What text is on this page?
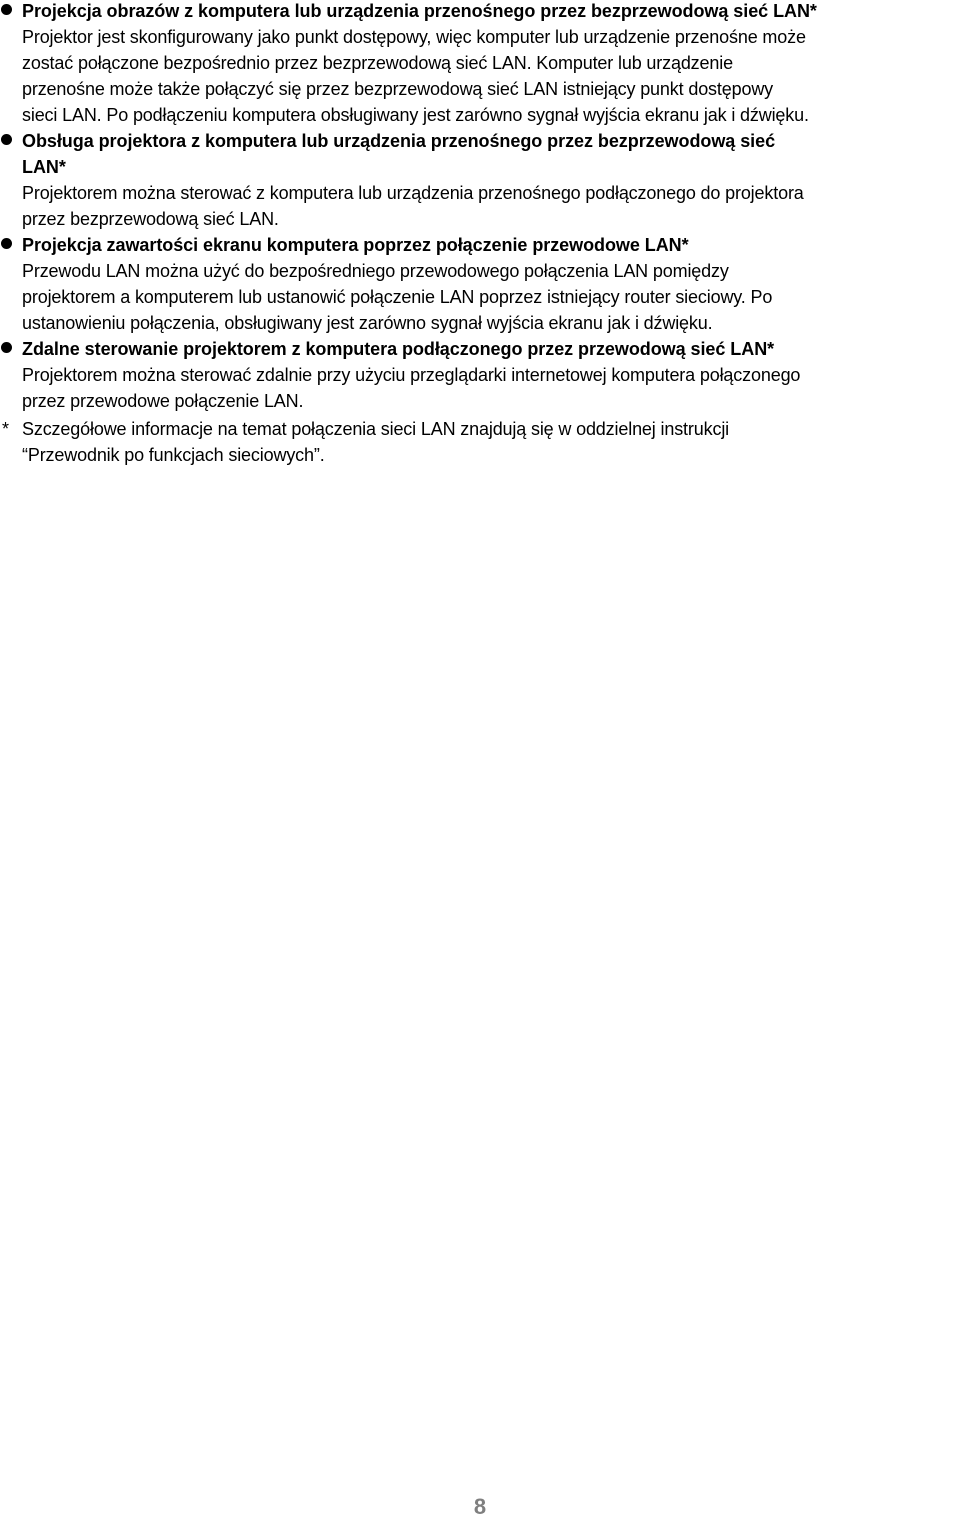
Projekcja obrazów z komputera lub urządzenia przenośnego przez bezprzewodową sieć LAN*
Projektor jest skonfigurowany jako punkt dostępowy, więc komputer lub urządzenie przenośne może
zostać połączone bezpośrednio przez bezprzewodową sieć LAN. Komputer lub urządzenie
przenośne może także połączyć się przez bezprzewodową sieć LAN istniejący punkt dostępowy
sieci LAN. Po podłączeniu komputera obsługiwany jest zarówno sygnał wyjścia ekranu jak i dźwięku.
Obsługa projektora z komputera lub urządzenia przenośnego przez bezprzewodową sieć
LAN*
Projektorem można sterować z komputera lub urządzenia przenośnego podłączonego do projektora
przez bezprzewodową sieć LAN.
Projekcja zawartości ekranu komputera poprzez połączenie przewodowe LAN*
Przewodu LAN można użyć do bezpośredniego przewodowego połączenia LAN pomiędzy
projektorem a komputerem lub ustanowić połączenie LAN poprzez istniejący router sieciowy. Po
ustanowieniu połączenia, obsługiwany jest zarówno sygnał wyjścia ekranu jak i dźwięku.
Zdalne sterowanie projektorem z komputera podłączonego przez przewodową sieć LAN*
Projektorem można sterować zdalnie przy użyciu przeglądarki internetowej komputera połączonego
przez przewodowe połączenie LAN.
* Szczegółowe informacje na temat połączenia sieci LAN znajdują się w oddzielnej instrukcji
“Przewodnik po funkcjach sieciowych”.
8
